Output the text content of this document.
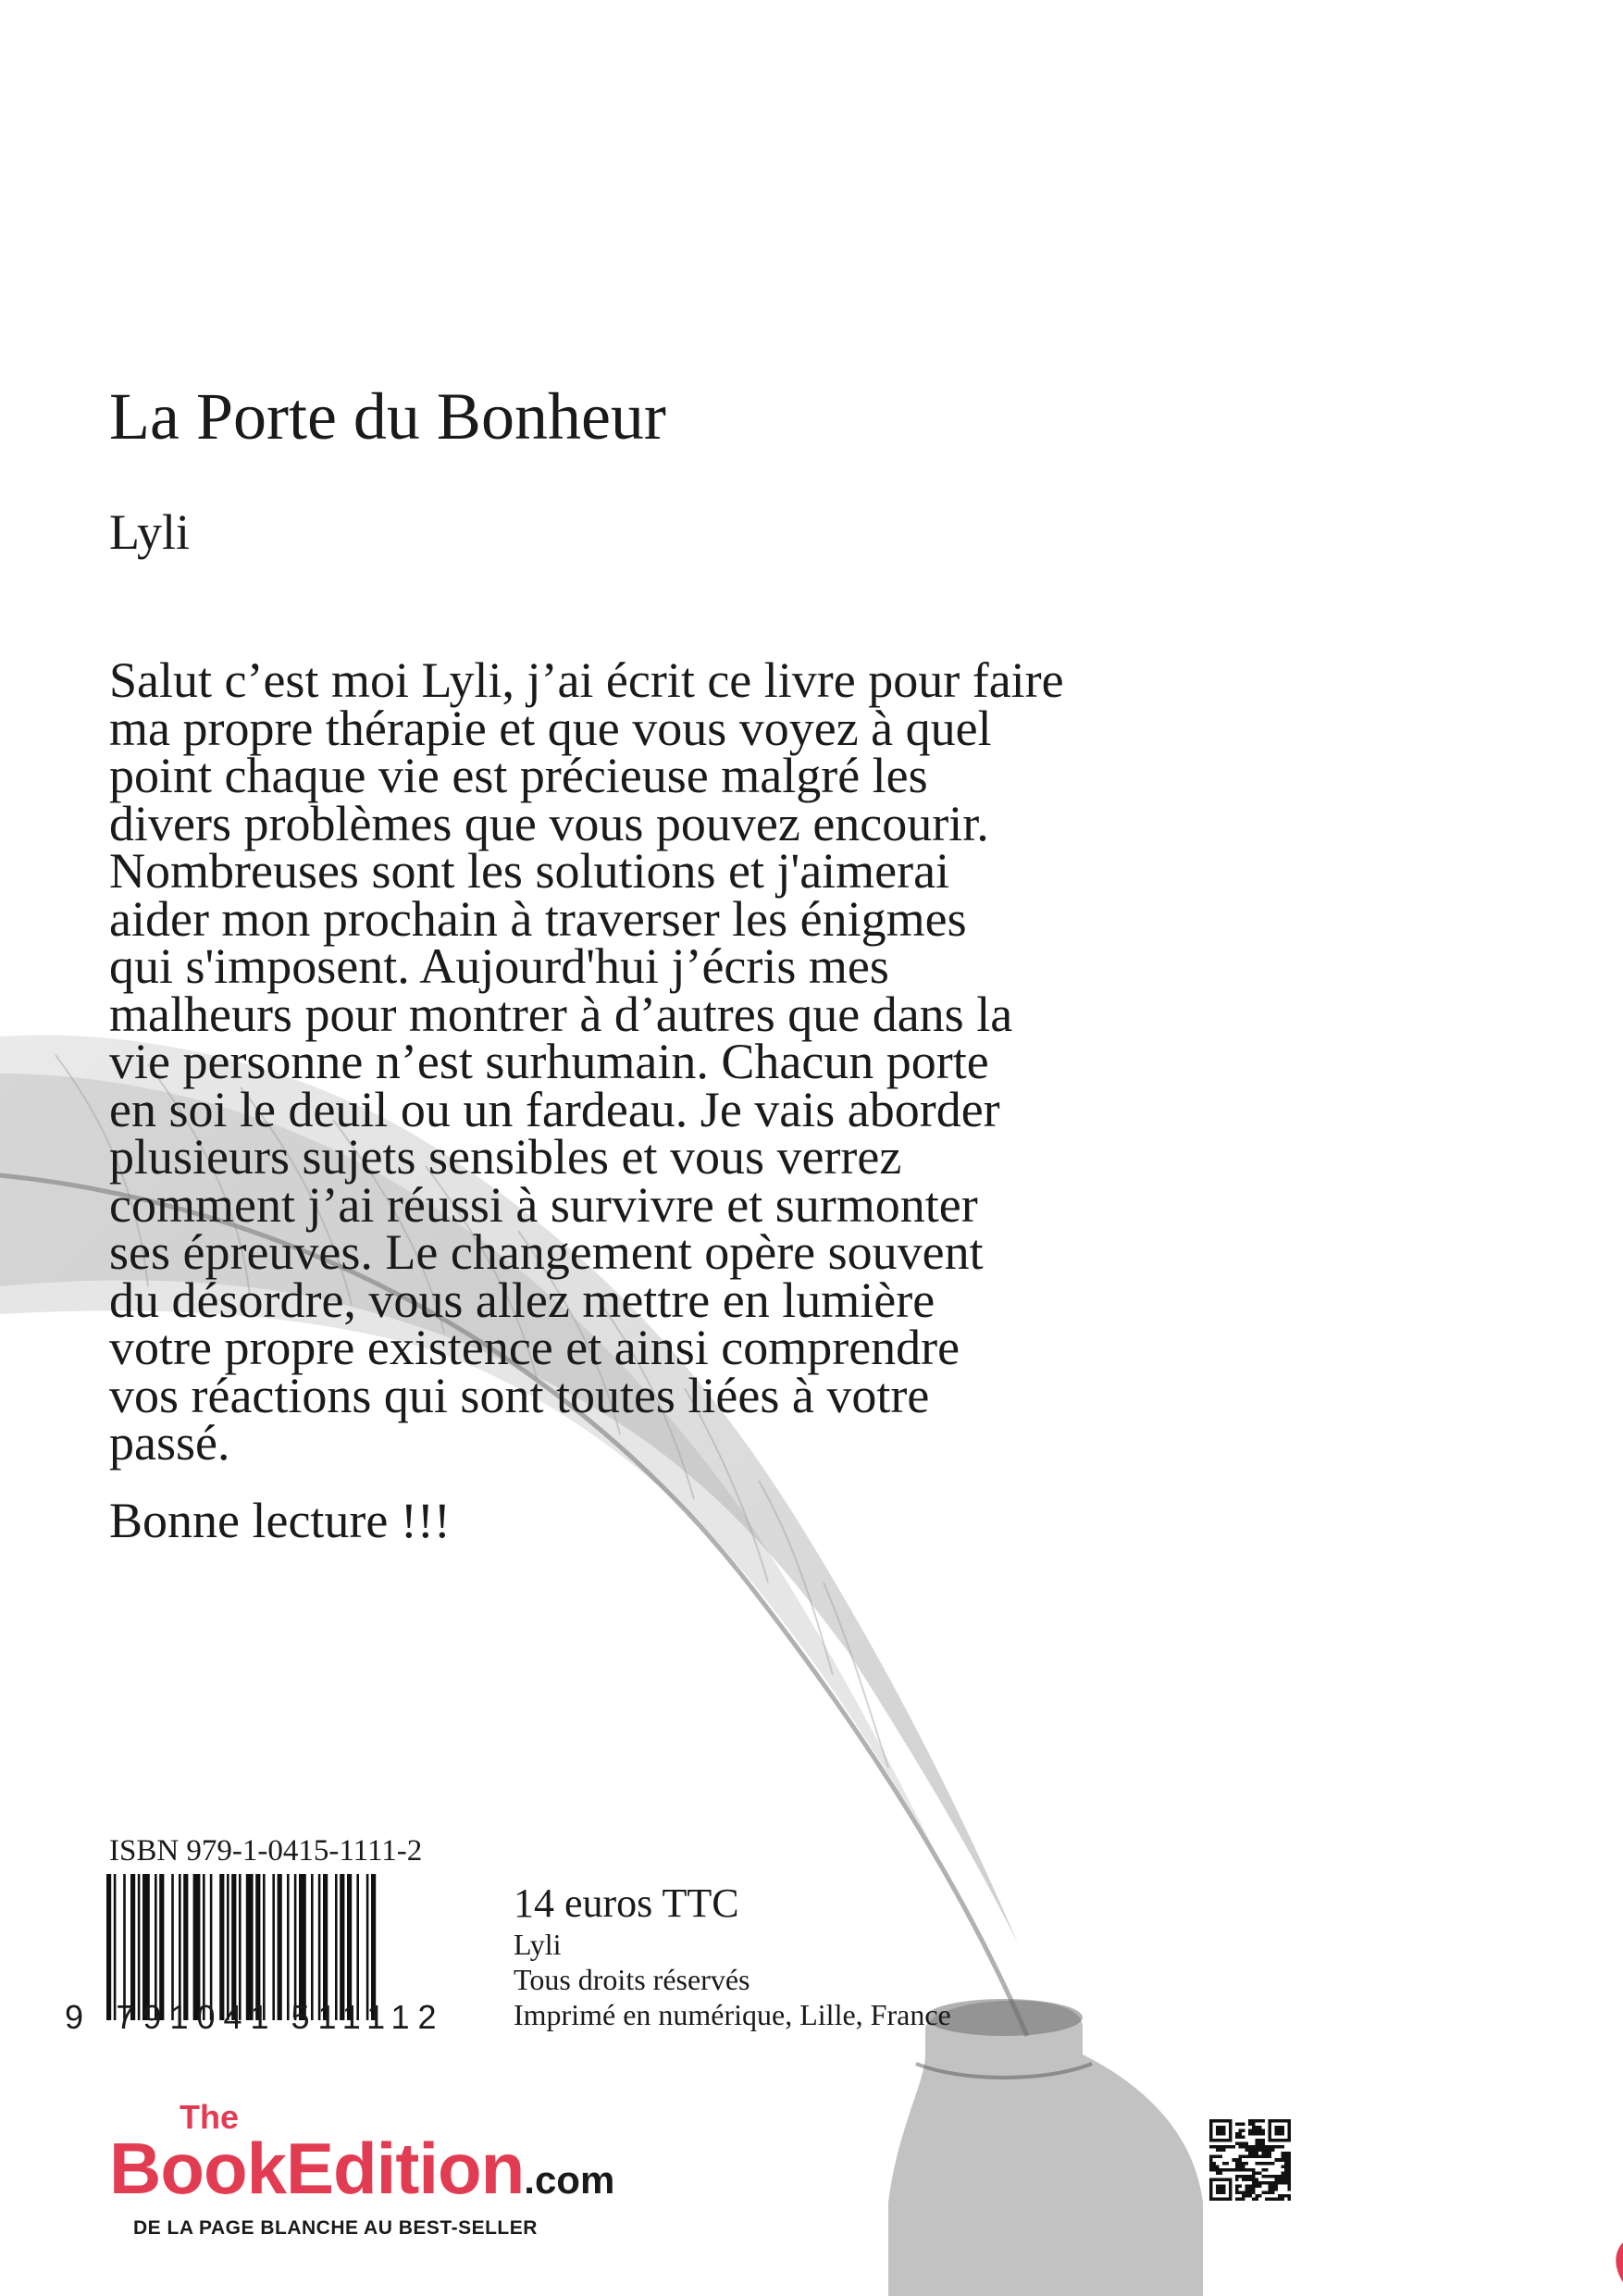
La Porte du Bonheur
Lyli

Salut c’est moi Lyli, j’ai écrit ce livre pour faire

ma propre thérapie et que vous voyez à quel

point chaque vie est précieuse malgré les

divers problèmes que vous pouvez encourir.

Nombreuses sont les solutions et j'aimerai

aider mon prochain à traverser les énigmes

qui s'imposent. Aujourd'hui j’écris mes

malheurs pour montrer à d’autres que dans la

vie personne n’est surhumain. Chacun porte

en soi le deuil ou un fardeau. Je vais aborder

plusieurs sujets sensibles et vous verrez

comment j’ai réussi à survivre et surmonter

ses épreuves. Le changement opère souvent

du désordre, vous allez mettre en lumière

votre propre existence et ainsi comprendre

vos réactions qui sont toutes liées à votre

passé.

Bonne lecture !!!
ISBN 979-1-0415-1111-2
9 791041 511112
14 euros TTC
Lyli
Tous droits réservés
Imprimé en numérique, Lille, France
The
BookEdition.com
DE LA PAGE BLANCHE AU BEST-SELLER
